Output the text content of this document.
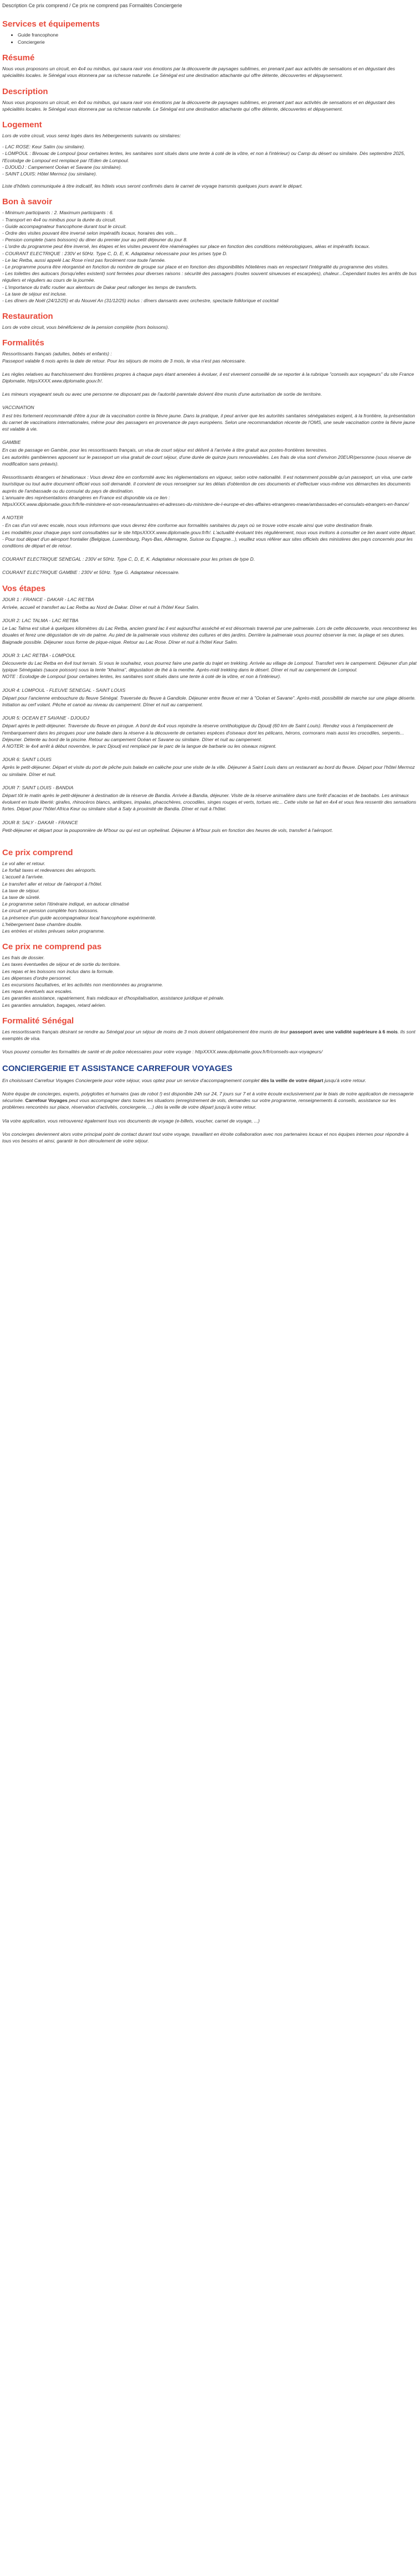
Description Ce prix comprend / Ce prix ne comprend pas Formalités Conciergerie
Services et équipements
• Guide francophone
• Conciergerie
Résumé

Nous vous proposons un circuit, en 4x4 ou minibus, qui saura ravir vos émotions par la découverte de paysages sublimes, en prenant part aux activités de sensations et en dégustant des spécialités locales. le Sénégal vous étonnera par sa richesse naturelle. Le Sénégal est une destination attachante qui offre détente, découvertes et dépaysement.

Description

Nous vous proposons un circuit, en 4x4 ou minibus, qui saura ravir vos émotions par la découverte de paysages sublimes, en prenant part aux activités de sensations et en dégustant des spécialités locales. le Sénégal vous étonnera par sa richesse naturelle. Le Sénégal est une destination attachante qui offre détente, découvertes et dépaysement.

Logement

Lors de votre circuit, vous serez logés dans les hébergements suivants ou similaires:

- LAC ROSE: Keur Salim (ou similaire).

- LOMPOUL : Bivouac de Lompoul (pour certaines lentes, les sanitaires sont situés dans une tente à coté de la vôtre, et non à l'intérieur) ou Camp du désert ou similaire. Dès septembre 2025, l'Ecolodge de Lompoul est remplacé par l'Eden de Lompoul.

- DJOUDJ : Campement Océan et Savane (ou similaire).

- SAINT LOUIS: Hôtel Mermoz (ou similaire).

Liste d'hôtels communiquée à titre indicatif, les hôtels vous seront confirmés dans le carnet de voyage transmis quelques jours avant le départ.

Bon à savoir

- Minimum participants : 2. Maximum participants : 6.

- Transport en 4x4 ou minibus pour la durée du circuit.

- Guide accompagnateur francophone durant tout le circuit.

- Ordre des visites pouvant être inversé selon impératifs locaux, horaires des vols...

- Pension complete (sans boissons) du diner du premier jour au petit déjeuner du jour 8.

- L'ordre du programme peut être inversé, les étapes et les visites peuvent être réaménagées sur place en fonction des conditions météorologiques, aléas et impératifs locaux.

- COURANT ELECTRIQUE : 230V et 50Hz. Type C, D, E, K. Adaptateur nécessaire pour les prises type D.

- Le lac Retba, aussi appelé Lac Rose n'est pas forcément rose toute l'année.

- Le programme pourra être réorganisé en fonction du nombre de groupe sur place et en fonction des disponibilités hôtelières mais en respectant l'intégralité du programme des visites.

- Les toilettes des autocars (lorsqu'elles existent) sont fermées pour diverses raisons : sécurité des passagers (routes souvent sinueuses et escarpées), chaleur...Cependant toutes les arrêts de bus réguliers et réguliers au cours de la journée.

- L'importance du trafic routier aux alentours de Dakar peut rallonger les temps de transferts.

- La taxe de séjour est incluse.

- Les dîners de Noël (24/12/25) et du Nouvel An (31/12/25) inclus : dîners dansants avec orchestre, spectacle folklorique et cocktail

Restauration

Lors de votre circuit, vous bénéficierez de la pension complète (hors boissons).

Formalités

Ressortissants français (adultes, bébés et enfants) :
Passeport valable 6 mois après la date de retour. Pour les séjours de moins de 3 mois, le visa n'est pas nécessaire.

Les règles relatives au franchissement des frontières propres à chaque pays étant amenées à évoluer, il est vivement conseillé de se reporter à la rubrique "conseils aux voyageurs" du site France Diplomatie, httpsXXXX.www.diplomatie.gouv.fr/.

Les mineurs voyageant seuls ou avec une personne ne disposant pas de l'autorité parentale doivent être munis d'une autorisation de sortie de territoire.

VACCINATION

Il est très fortement recommandé d'être à jour de la vaccination contre la fièvre jaune. Dans la pratique, il peut arriver que les autorités sanitaires sénégalaises exigent, à la frontière, la présentation du carnet de vaccinations internationales, même pour des passagers en provenance de pays européens. Selon une recommandation récente de l'OMS, une seule vaccination contre la fièvre jaune est valable à vie.

GAMBIE

En cas de passage en Gambie, pour les ressortissants français, un visa de court séjour est délivré à l'arrivée à titre gratuit aux postes-frontières terrestres.
Les autorités gambiennes apposent sur le passeport un visa gratuit de court séjour, d'une durée de quinze jours renouvelables. Les frais de visa sont d'environ 20EUR/personne (sous réserve de modification sans préavis).

Ressortissants étrangers et binationaux : Vous devez être en conformité avec les réglementations en vigueur, selon votre nationalité. Il est notamment possible qu'un passeport, un visa, une carte touristique ou tout autre document officiel vous soit demandé. Il convient de vous renseigner sur les délais d'obtention de ces documents et d'effectuer vous-même vos démarches les documents auprès de l'ambassade ou du consulat du pays de destination.
L'annuaire des représentations étrangères en France est disponible via ce lien :
httpsXXXX.www.diplomatie.gouv.fr/fr/le-ministere-et-son-reseau/annuaires-et-adresses-du-ministere-de-l-europe-et-des-affaires-etrangeres-meae/ambassades-et-consulats-etrangers-en-france/

A NOTER

- En cas d'un vol avec escale, nous vous informons que vous devrez être conforme aux formalités sanitaires du pays où se trouve votre escale ainsi que votre destination finale.
Les modalités pour chaque pays sont consultables sur le site httpsXXXX.www.diplomatie.gouv.fr/fr/. L'actualité évoluant très régulièrement, nous vous invitons à consulter ce lien avant votre départ.
- Pour tout départ d'un aéroport frontalier (Belgique, Luxembourg, Pays-Bas, Allemagne, Suisse ou Espagne...), veuillez vous référer aux sites officiels des ministères des pays concernés pour les conditions de départ et de retour.

COURANT ELECTRIQUE SENEGAL : 230V et 50Hz. Type C, D, E, K. Adaptateur nécessaire pour les prises de type D.

COURANT ELECTRIQUE GAMBIE : 230V et 50Hz. Type G. Adaptateur nécessaire.

Vos étapes

JOUR 1 : FRANCE - DAKAR - LAC RETBA

Arrivée, accueil et transfert au Lac Retba au Nord de Dakar. Dîner et nuit à l'hôtel Keur Salim.

JOUR 2: LAC TALMA - LAC RETBA

Le Lac Talma est situé à quelques kilomètres du Lac Retba, ancien grand lac il est aujourd'hui asséché et est désormais traversé par une palmeraie. Lors de cette découverte, vous rencontrerez les douales et ferez une dégustation de vin de palme. Au pied de la palmeraie vous visiterez des cultures et des jardins. Derrière la palmeraie vous pourrez observer la mer, la plage et ses dunes. Baignade possible. Déjeuner sous forme de pique-nique. Retour au Lac Rose. Dîner et nuit à l'hôtel Keur Salim.

JOUR 3: LAC RETBA - LOMPOUL

Découverte du Lac Retba en 4x4 tout terrain. Si vous le souhaitez, vous pourrez faire une partie du trajet en trekking. Arrivée au village de Lompoul. Transfert vers le campement. Déjeuner d'un plat typique Sénégalais (sauce poisson) sous la tente "khaïma", dégustation de thé à la menthe. Après-midi trekking dans le désert. Dîner et nuit au campement de Lompoul.
NOTE : Ecolodge de Lompoul (pour certaines lentes, les sanitaires sont situés dans une tente à coté de la vôtre, et non à l'intérieur).

JOUR 4: LOMPOUL - FLEUVE SENEGAL - SAINT LOUIS

Départ pour l'ancienne embouchure du fleuve Sénégal. Traversée du fleuve à Gandiole. Déjeuner entre fleuve et mer à "Océan et Savane". Après-midi, possibilité de marche sur une plage déserte. Initiation au cerf volant. Pêche et canoë au niveau du campement. Dîner et nuit au campement.

JOUR 5: OCEAN ET SAVANE - DJOUDJ

Départ après le petit-déjeuner. Traversée du fleuve en pirogue. A bord de 4x4 vous rejoindre la réserve ornithologique du Djoudj (60 km de Saint Louis). Rendez vous à l'emplacement de l'embarquement dans les pirogues pour une balade dans la réserve à la découverte de certaines espèces d'oiseaux dont les pélicans, hérons, cormorans mais aussi les crocodiles, serpents... Déjeuner. Détente au bord de la piscine. Retour au campement Océan et Savane ou similaire. Dîner et nuit au campement.
A NOTER: le 4x4 arrêt à début novembre, le parc Djoudj est remplacé par le parc de la langue de barbarie ou les oiseaux migrent.

JOUR 6: SAINT LOUIS

Après le petit-déjeuner. Départ et visite du port de pêche puis balade en calèche pour une visite de la ville. Déjeuner à Saint Louis dans un restaurant au bord du fleuve. Départ pour l'hôtel Mermoz ou similaire. Dîner et nuit.

JOUR 7: SAINT LOUIS - BANDIA

Départ tôt le matin après le petit-déjeuner à destination de la réserve de Bandia. Arrivée à Bandia, déjeuner. Visite de la réserve animalière dans une forêt d'acacias et de baobabs. Les animaux évoluent en toute liberté: girafes, rhinocéros blancs, antilopes, impalas, phacochères, crocodiles, singes rouges et verts, tortues etc... Cette visite se fait en 4x4 et vous fera ressentir des sensations fortes. Départ pour l'hôtel Africa Keur ou similaire situé à Saly à proximité de Bandia. Dîner et nuit à l'hôtel.

JOUR 8: SALY - DAKAR - FRANCE

Petit-déjeuner et départ pour la pouponnière de M'bour ou qui est un orphelinat. Déjeuner à M'bour puis en fonction des heures de vols, transfert à l'aéroport.

Ce prix comprend

Le vol aller et retour.

Le forfait taxes et redevances des aéroports.

L'accueil à l'arrivée.

Le transfert aller et retour de l'aéroport à l'hôtel.

La taxe de séjour.

La taxe de sûreté.

Le programme selon l'itinéraire indiqué, en autocar climatisé

Le circuit en pension complète hors boissons.

La présence d'un guide accompagnateur local francophone expérimenté.

L'hébergement base chambre double.

Les entrées et visites prévues selon programme.

Ce prix ne comprend pas

Les frais de dossier.

Les taxes éventuelles de séjour et de sortie du territoire.

Les repas et les boissons non inclus dans la formule.

Les dépenses d'ordre personnel.

Les excursions facultatives, et les activités non mentionnées au programme.

Les repas éventuels aux escales.

Les garanties assistance, rapatriement, frais médicaux et d'hospitalisation, assistance juridique et pénale.

Les garanties annulation, bagages, retard aérien.

Formalité Sénégal

Les ressortissants français désirant se rendre au Sénégal pour un séjour de moins de 3 mois doivent obligatoirement être munis de leur passeport avec une validité supérieure à 6 mois. Ils sont exemptés de visa.

Vous pouvez consulter les formalités de santé et de police nécessaires pour votre voyage : httpXXXX.www.diplomatie.gouv.fr/fr/conseils-aux-voyageurs/

CONCIERGERIE ET ASSISTANCE CARREFOUR VOYAGES

En choisissant Carrefour Voyages Conciergerie pour votre séjour, vous optez pour un service d'accompagnement complet dès la veille de votre départ jusqu'à votre retour.

Notre équipe de concierges, experts, polyglottes et humains (pas de robot !) est disponible 24h sur 24, 7 jours sur 7 et à votre écoute exclusivement par le biais de notre application de messagerie sécurisée. Carrefour Voyages peut vous accompagner dans toutes les situations (enregistrement de vols, demandes sur votre programme, renseignements & conseils, assistance sur les problèmes rencontrés sur place, réservation d'activités, conciergerie, ...) dès la veille de votre départ jusqu'à votre retour.

Via votre application, vous retrouverez également tous vos documents de voyage (e-billets, voucher, carnet de voyage, ...)

Vos concierges deviennent alors votre principal point de contact durant tout votre voyage, travaillant en étroite collaboration avec nos partenaires locaux et nos équipes internes pour répondre à tous vos besoins et ainsi, garantir le bon déroulement de votre séjour.
